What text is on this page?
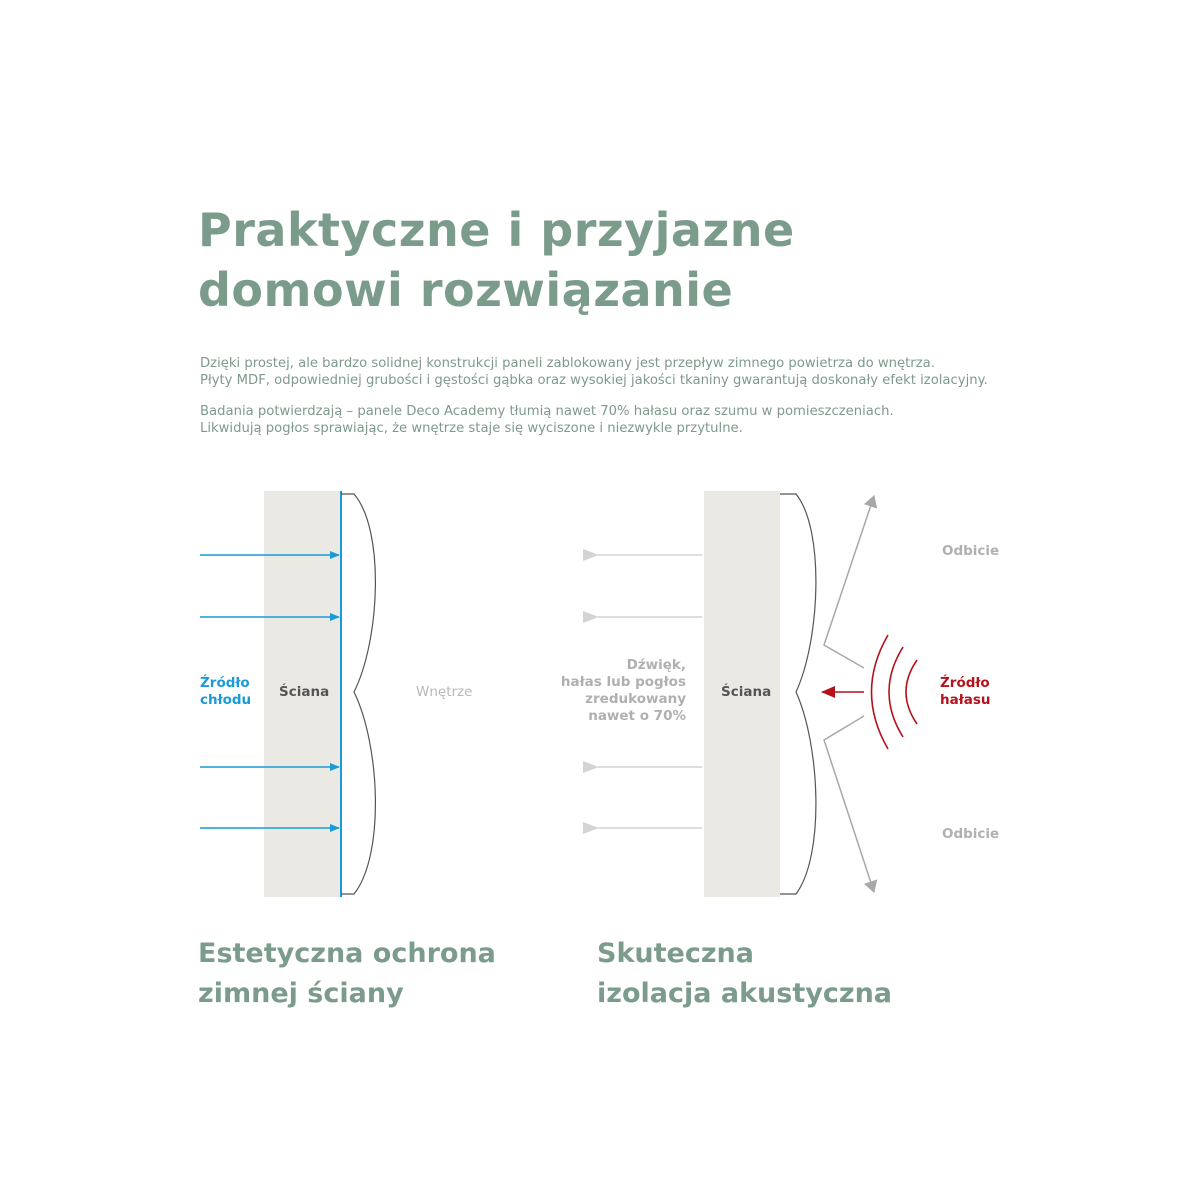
Praktyczne i przyjazne
domowi rozwiązanie

Dzięki prostej, ale bardzo solidnej konstrukcji paneli zablokowany jest przepływ zimnego powietrza do wnętrza.
Płyty MDF, odpowiedniej grubości i gęstości gąbka oraz wysokiej jakości tkaniny gwarantują doskonały efekt izolacyjny.

Badania potwierdzają – panele Deco Academy tłumią nawet 70% hałasu oraz szumu w pomieszczeniach.
Likwidują pogłos sprawiając, że wnętrze staje się wyciszone i niezwykle przytulne.

Źródło
chłodu Ściana	Wnętrze
Dźwięk,
hałas lub pogłos
zredukowany
nawet o 70%
Ściana
Odbicie
Odbicie
Źródło
hałasu
Estetyczna ochrona
zimnej ściany
Skuteczna
izolacja akustyczna
